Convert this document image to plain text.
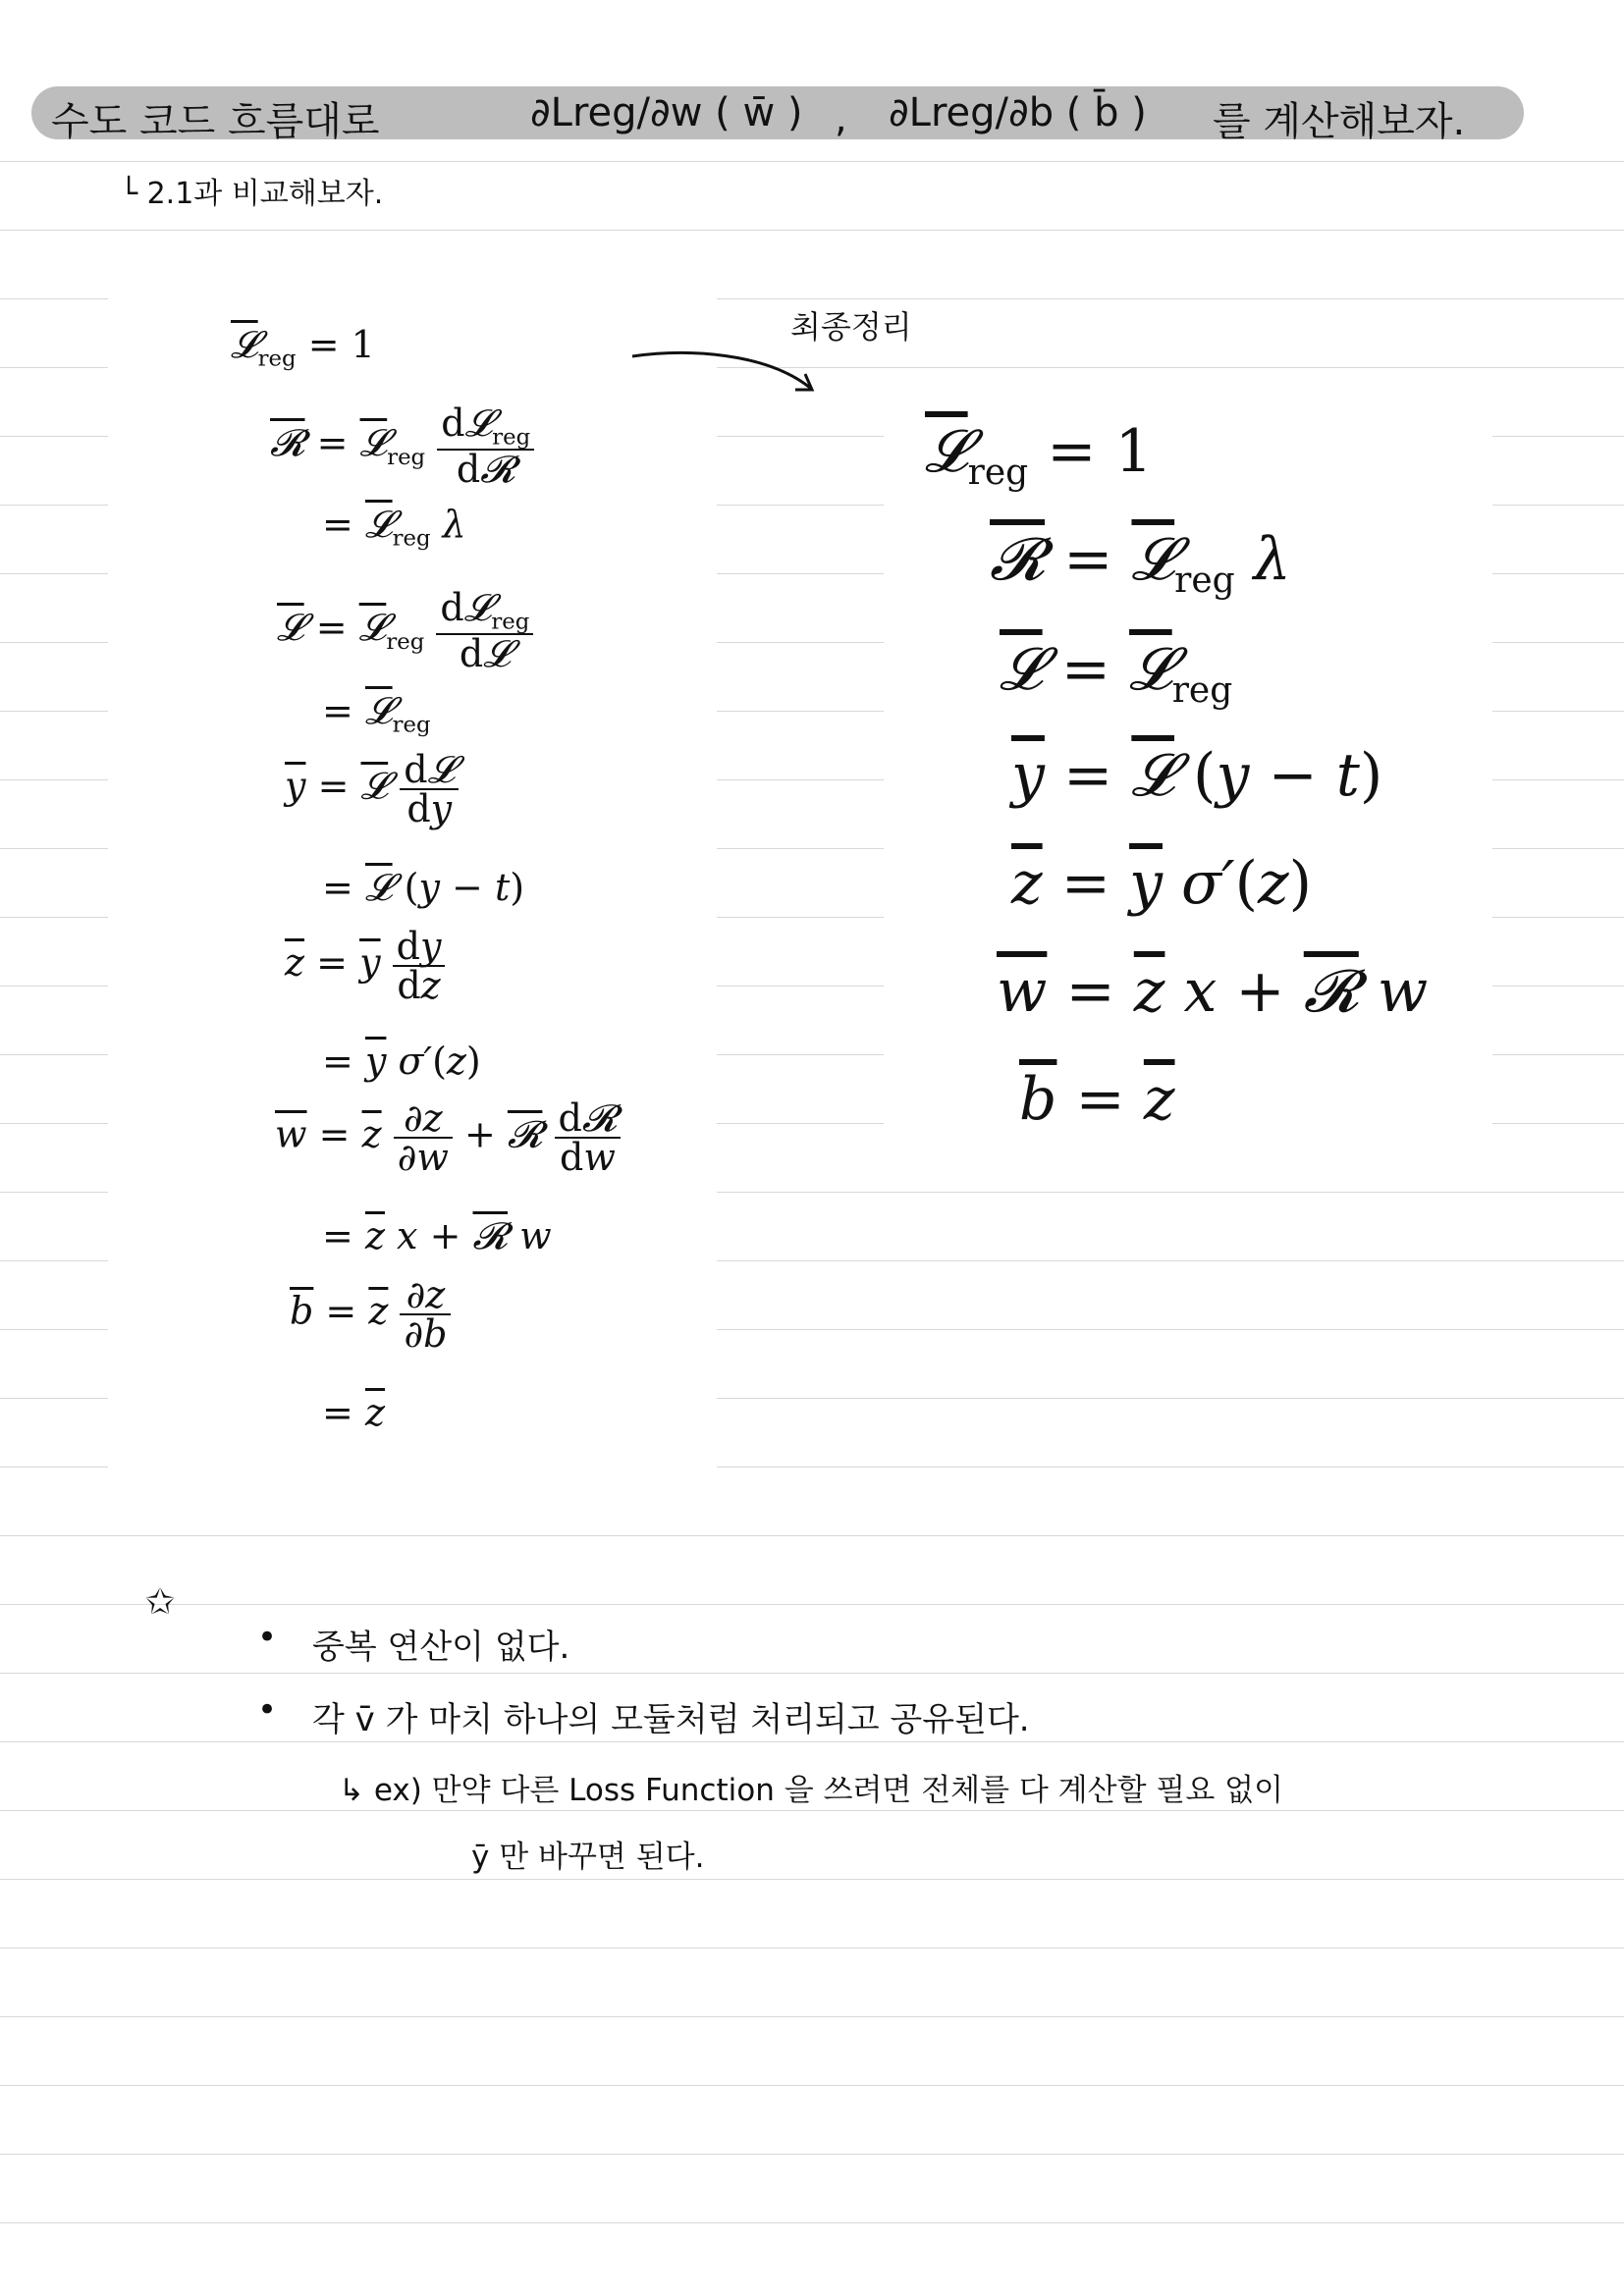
수도 코드 흐름대로	∂Lreg/∂w ( w̄ ) , ∂Lreg/∂b ( b̄ ) 를 계산해보자.
└ 2.1과 비교해보자.
𝓛$_{reg}$ = 1
𝓡 = 𝓛$_{reg}$ $\frac{d𝓛_{reg}}{\text{d𝓡}}$
= 𝓛$_{reg}$ λ
𝓛 = 𝓛$_{reg}$ $\frac{d𝓛_{reg}}{\text{d𝓛}}$
= 𝓛$_{reg}$
$\overline{y}$ = 𝓛 $\frac{\text{d𝓛}}{dy}$
= 𝓛 (y − t)
$\overline{z} = \overline{y} \frac{dy}{dz}$
= $\overline{y}$ σ′(z)
$\overline{w} = \overline{z} \frac{\partial z}{\partial w}$ + 𝓡 $\frac{\text{d𝓡}}{dw}$
= $\overline{z}$ x + 𝓡 w
$\overline{b} = \overline{z} \frac{\partial z}{\partial b}$
= $\overline{z}$
최종정리
𝓛$_{reg}$ = 1
𝓡 = 𝓛$_{reg}$ λ
𝓛 = 𝓛$_{reg}$
$\overline{y}$ = 𝓛 (y − t)
$\overline{z} = \overline{y}$ σ′(z)
$\overline{w} = \overline{z}$ x + 𝓡 w
$\overline{b} = \overline{z}$
✩
• 중복 연산이 없다.
• 각 v̄ 가 마치 하나의 모듈처럼 처리되고 공유된다.
↳ ex) 만약 다른 Loss Function 을 쓰려면 전체를 다 계산할 필요 없이
ȳ 만 바꾸면 된다.
